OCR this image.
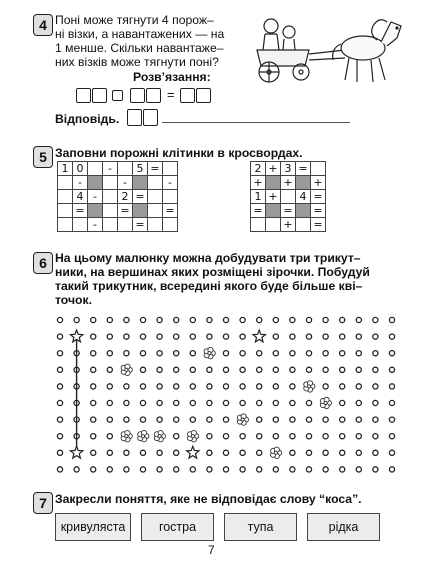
4 Поні може тягнути 4 порож–
ні візки, а навантажених — на
1 менше. Скільки навантаже–
них візків може тягнути поні?
Розв’язання:
=
Відповідь.
5 Заповни порожні клітинки в кросвордах.
1	0		-		5	=	
	-			-			-
	4	-		2	=		
	=			=			=
		-			=		
2	+	3	=	
+		+		+
1	+		4	=
=		=		=
		+		=
6 На цьому малюнку можна добудувати три трикут–
ники, на вершинах яких розміщені зірочки. Побудуй
такий трикутник, всередині якого буде більше кві–
точок.
7 Закресли поняття, яке не відповідає слову “коса”.
кривуляста	гостра	тупа	рідка
7
